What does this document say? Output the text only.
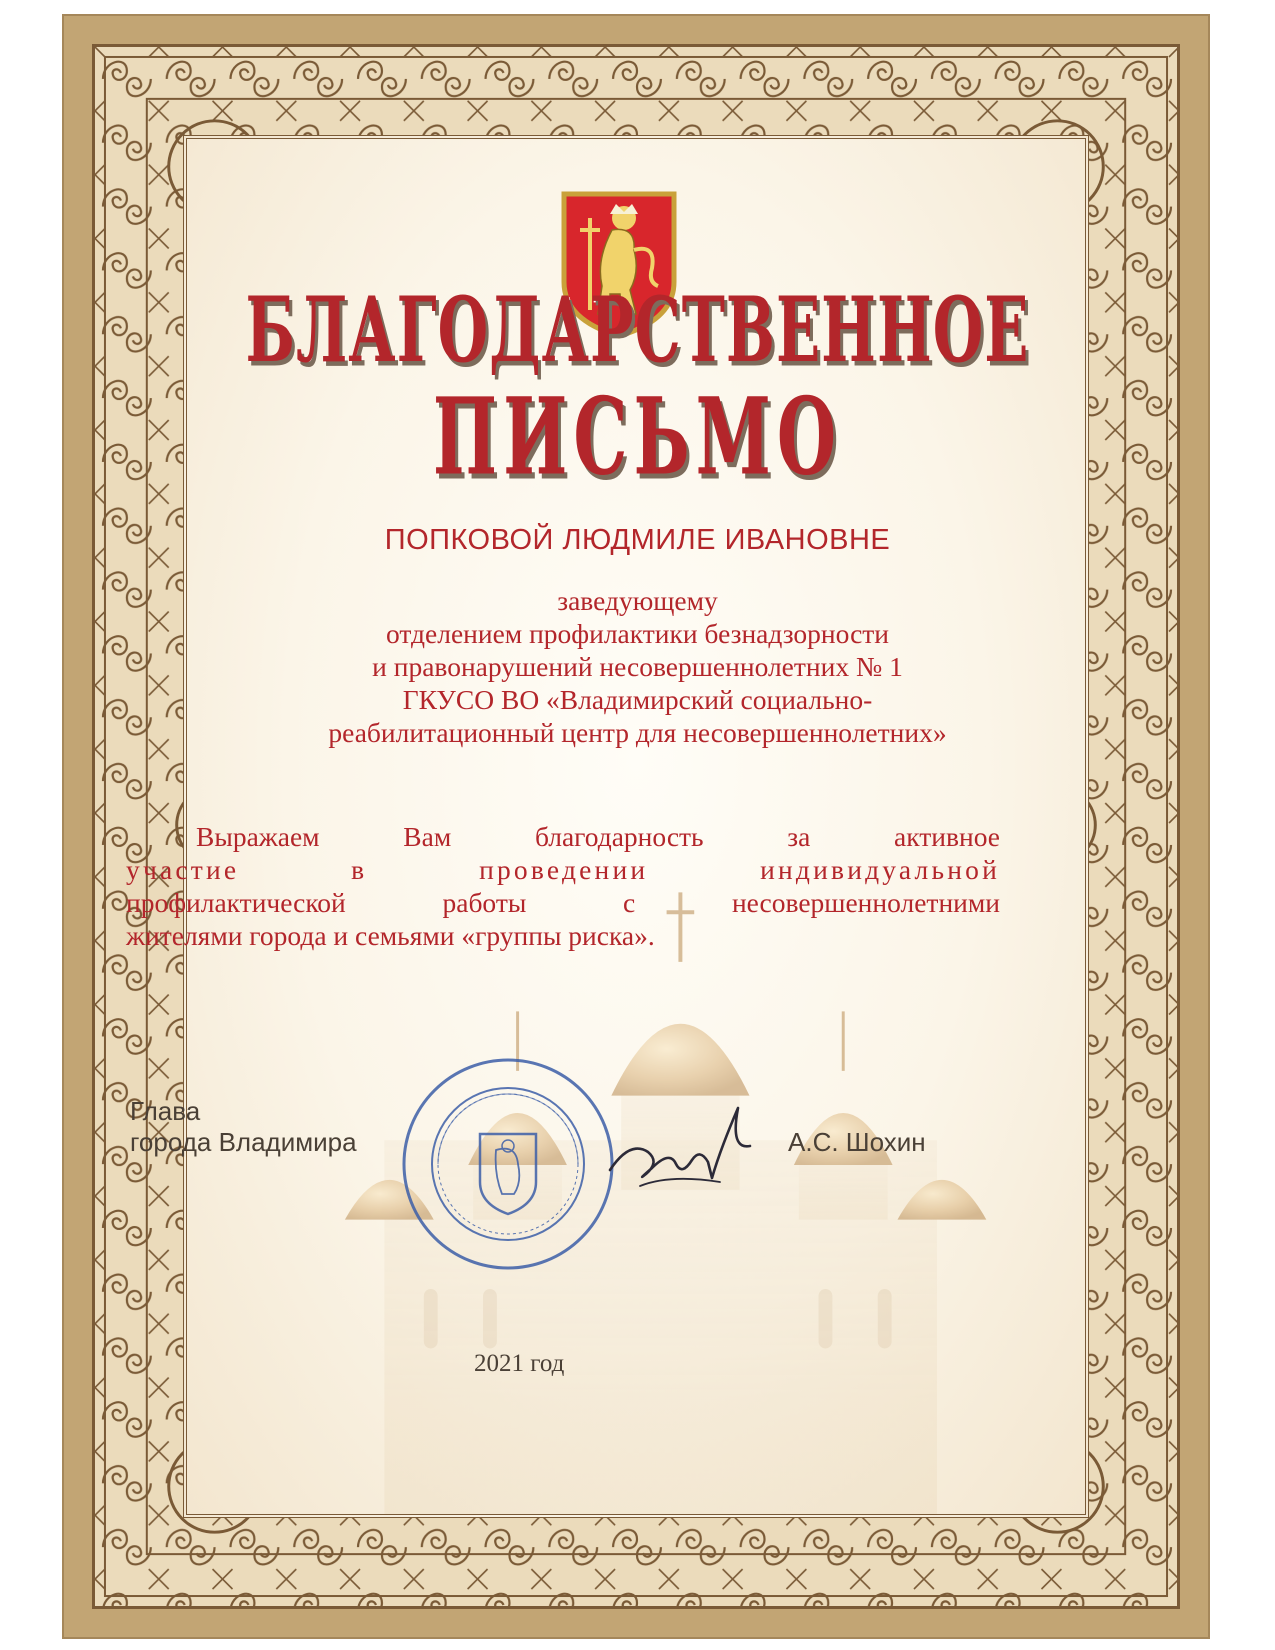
БЛАГОДАРСТВЕННОЕ
ПИСЬМО
ПОПКОВОЙ ЛЮДМИЛЕ ИВАНОВНЕ
заведующему
отделением профилактики безнадзорности
и правонарушений несовершеннолетних № 1
ГКУСО ВО «Владимирский социально-
реабилитационный центр для несовершеннолетних»
Выражаем Вам благодарность за активное
участие в проведении индивидуальной
профилактической работы с несовершеннолетними
жителями города и семьями «группы риска».
Глава
города Владимира	А.С. Шохин
2021 год
